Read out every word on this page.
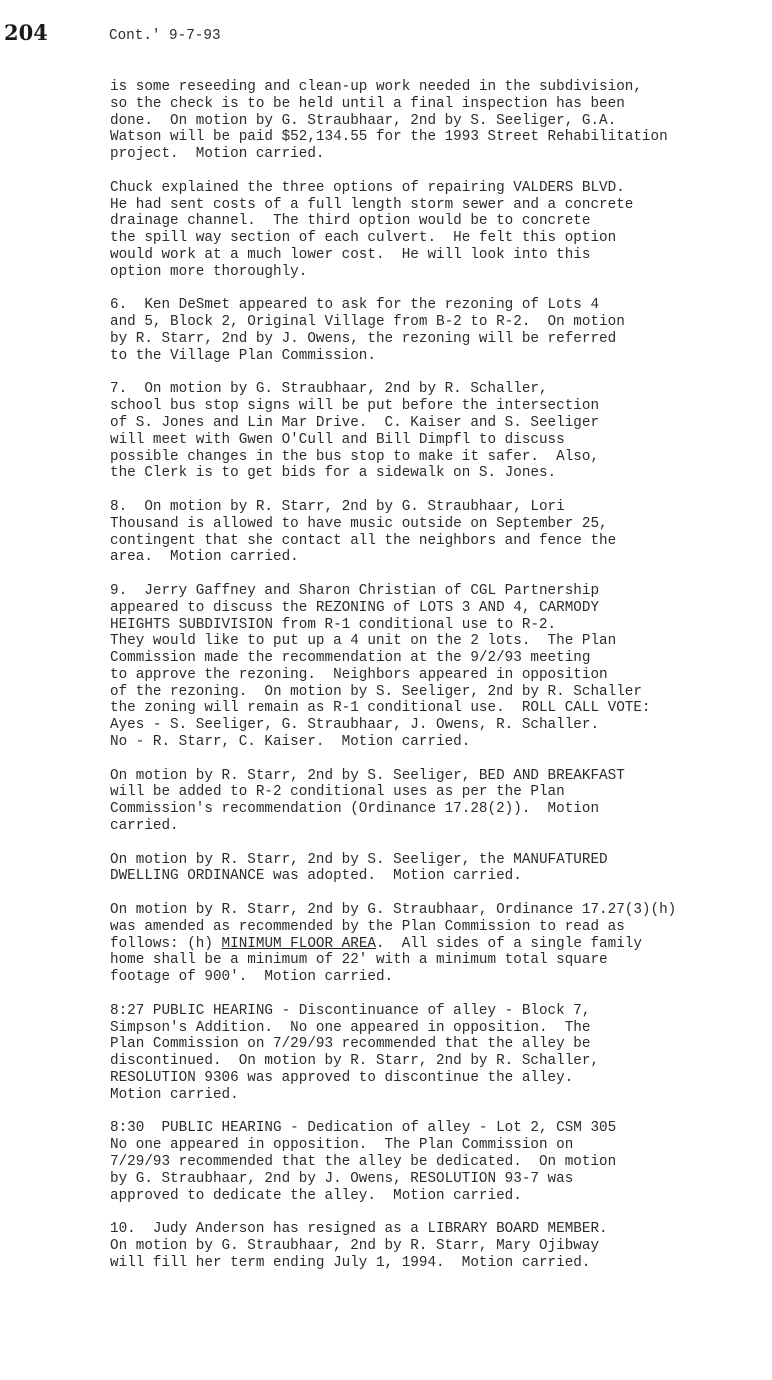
204	Cont.' 9-7-93
is some reseeding and clean-up work needed in the subdivision,
so the check is to be held until a final inspection has been
done.  On motion by G. Straubhaar, 2nd by S. Seeliger, G.A.
Watson will be paid $52,134.55 for the 1993 Street Rehabilitation
project.  Motion carried.
Chuck explained the three options of repairing VALDERS BLVD.
He had sent costs of a full length storm sewer and a concrete
drainage channel.  The third option would be to concrete
the spill way section of each culvert.  He felt this option
would work at a much lower cost.  He will look into this
option more thoroughly.
6.  Ken DeSmet appeared to ask for the rezoning of Lots 4
and 5, Block 2, Original Village from B-2 to R-2.  On motion
by R. Starr, 2nd by J. Owens, the rezoning will be referred
to the Village Plan Commission.
7.  On motion by G. Straubhaar, 2nd by R. Schaller,
school bus stop signs will be put before the intersection
of S. Jones and Lin Mar Drive.  C. Kaiser and S. Seeliger
will meet with Gwen O'Cull and Bill Dimpfl to discuss
possible changes in the bus stop to make it safer.  Also,
the Clerk is to get bids for a sidewalk on S. Jones.
8.  On motion by R. Starr, 2nd by G. Straubhaar, Lori
Thousand is allowed to have music outside on September 25,
contingent that she contact all the neighbors and fence the
area.  Motion carried.
9.  Jerry Gaffney and Sharon Christian of CGL Partnership
appeared to discuss the REZONING of LOTS 3 AND 4, CARMODY
HEIGHTS SUBDIVISION from R-1 conditional use to R-2.
They would like to put up a 4 unit on the 2 lots.  The Plan
Commission made the recommendation at the 9/2/93 meeting
to approve the rezoning.  Neighbors appeared in opposition
of the rezoning.  On motion by S. Seeliger, 2nd by R. Schaller
the zoning will remain as R-1 conditional use.  ROLL CALL VOTE:
Ayes - S. Seeliger, G. Straubhaar, J. Owens, R. Schaller.
No - R. Starr, C. Kaiser.  Motion carried.
On motion by R. Starr, 2nd by S. Seeliger, BED AND BREAKFAST
will be added to R-2 conditional uses as per the Plan
Commission's recommendation (Ordinance 17.28(2)).  Motion
carried.
On motion by R. Starr, 2nd by S. Seeliger, the MANUFATURED
DWELLING ORDINANCE was adopted.  Motion carried.
On motion by R. Starr, 2nd by G. Straubhaar, Ordinance 17.27(3)(h)
was amended as recommended by the Plan Commission to read as
follows: (h) MINIMUM FLOOR AREA.  All sides of a single family
home shall be a minimum of 22' with a minimum total square
footage of 900'.  Motion carried.
8:27 PUBLIC HEARING - Discontinuance of alley - Block 7,
Simpson's Addition.  No one appeared in opposition.  The
Plan Commission on 7/29/93 recommended that the alley be
discontinued.  On motion by R. Starr, 2nd by R. Schaller,
RESOLUTION 9306 was approved to discontinue the alley.
Motion carried.
8:30  PUBLIC HEARING - Dedication of alley - Lot 2, CSM 305
No one appeared in opposition.  The Plan Commission on
7/29/93 recommended that the alley be dedicated.  On motion
by G. Straubhaar, 2nd by J. Owens, RESOLUTION 93-7 was
approved to dedicate the alley.  Motion carried.
10.  Judy Anderson has resigned as a LIBRARY BOARD MEMBER.
On motion by G. Straubhaar, 2nd by R. Starr, Mary Ojibway
will fill her term ending July 1, 1994.  Motion carried.
